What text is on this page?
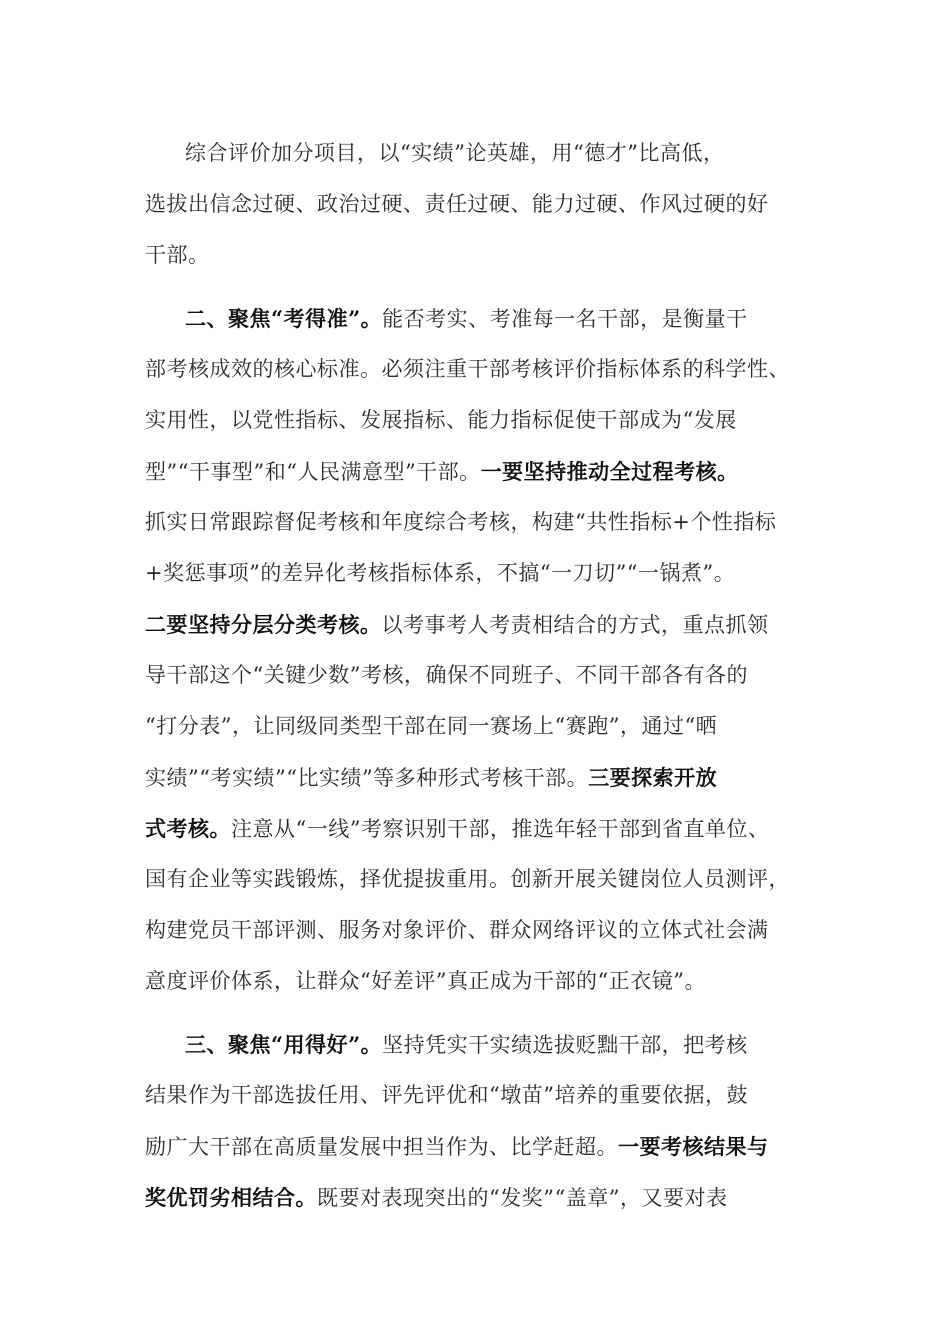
综合评价加分项目，以“实绩”论英雄，用“德才”比高低，
选拔出信念过硬、政治过硬、责任过硬、能力过硬、作风过硬的好
干部。
二、聚焦“考得准”。能否考实、考准每一名干部，是衡量干
部考核成效的核心标准。必须注重干部考核评价指标体系的科学性、
实用性，以党性指标、发展指标、能力指标促使干部成为“发展
型”“干事型”和“人民满意型”干部。一要坚持推动全过程考核。
抓实日常跟踪督促考核和年度综合考核，构建“共性指标+个性指标
+奖惩事项”的差异化考核指标体系，不搞“一刀切”“一锅煮”。
二要坚持分层分类考核。以考事考人考责相结合的方式，重点抓领
导干部这个“关键少数”考核，确保不同班子、不同干部各有各的
“打分表”，让同级同类型干部在同一赛场上“赛跑”，通过“晒
实绩”“考实绩”“比实绩”等多种形式考核干部。三要探索开放
式考核。注意从“一线”考察识别干部，推选年轻干部到省直单位、
国有企业等实践锻炼，择优提拔重用。创新开展关键岗位人员测评，
构建党员干部评测、服务对象评价、群众网络评议的立体式社会满
意度评价体系，让群众“好差评”真正成为干部的“正衣镜”。
三、聚焦“用得好”。坚持凭实干实绩选拔贬黜干部，把考核
结果作为干部选拔任用、评先评优和“墩苗”培养的重要依据，鼓
励广大干部在高质量发展中担当作为、比学赶超。一要考核结果与
奖优罚劣相结合。既要对表现突出的“发奖”“盖章”，又要对表
